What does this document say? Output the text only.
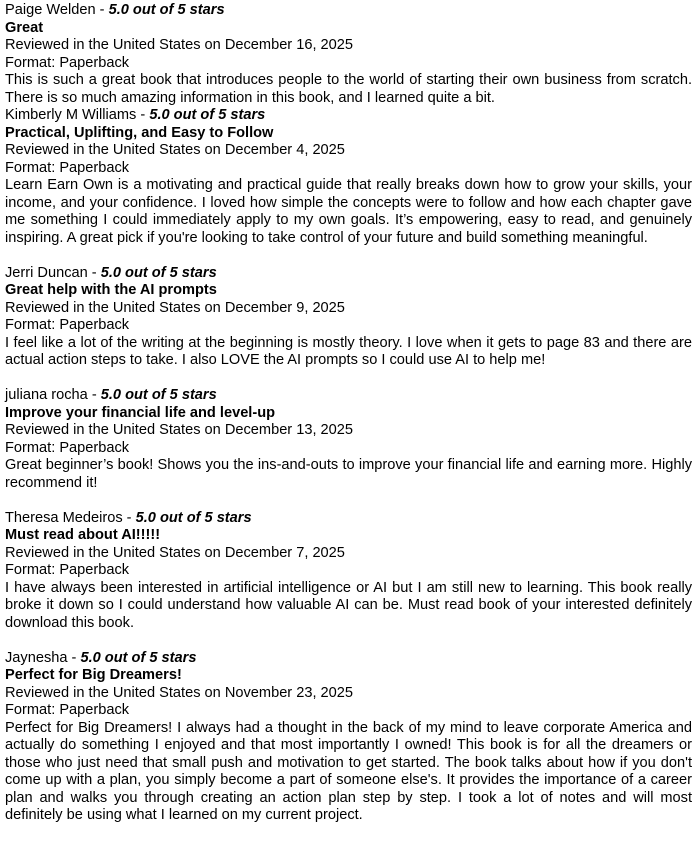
Paige Welden - 5.0 out of 5 stars
Great
Reviewed in the United States on December 16, 2025
Format: Paperback
This is such a great book that introduces people to the world of starting their own business from scratch. There is so much amazing information in this book, and I learned quite a bit.
Kimberly M Williams - 5.0 out of 5 stars
Practical, Uplifting, and Easy to Follow
Reviewed in the United States on December 4, 2025
Format: Paperback
Learn Earn Own is a motivating and practical guide that really breaks down how to grow your skills, your income, and your confidence. I loved how simple the concepts were to follow and how each chapter gave me something I could immediately apply to my own goals. It’s empowering, easy to read, and genuinely inspiring. A great pick if you're looking to take control of your future and build something meaningful.
Jerri Duncan - 5.0 out of 5 stars
Great help with the AI prompts
Reviewed in the United States on December 9, 2025
Format: Paperback
I feel like a lot of the writing at the beginning is mostly theory. I love when it gets to page 83 and there are actual action steps to take. I also LOVE the AI prompts so I could use AI to help me!
juliana rocha - 5.0 out of 5 stars
Improve your financial life and level-up
Reviewed in the United States on December 13, 2025
Format: Paperback
Great beginner’s book! Shows you the ins-and-outs to improve your financial life and earning more. Highly recommend it!
Theresa Medeiros - 5.0 out of 5 stars
Must read about AI!!!!!
Reviewed in the United States on December 7, 2025
Format: Paperback
I have always been interested in artificial intelligence or AI but I am still new to learning. This book really broke it down so I could understand how valuable AI can be. Must read book of your interested definitely download this book.
Jaynesha - 5.0 out of 5 stars
Perfect for Big Dreamers!
Reviewed in the United States on November 23, 2025
Format: Paperback
Perfect for Big Dreamers! I always had a thought in the back of my mind to leave corporate America and actually do something I enjoyed and that most importantly I owned! This book is for all the dreamers or those who just need that small push and motivation to get started. The book talks about how if you don't come up with a plan, you simply become a part of someone else's. It provides the importance of a career plan and walks you through creating an action plan step by step. I took a lot of notes and will most definitely be using what I learned on my current project.
